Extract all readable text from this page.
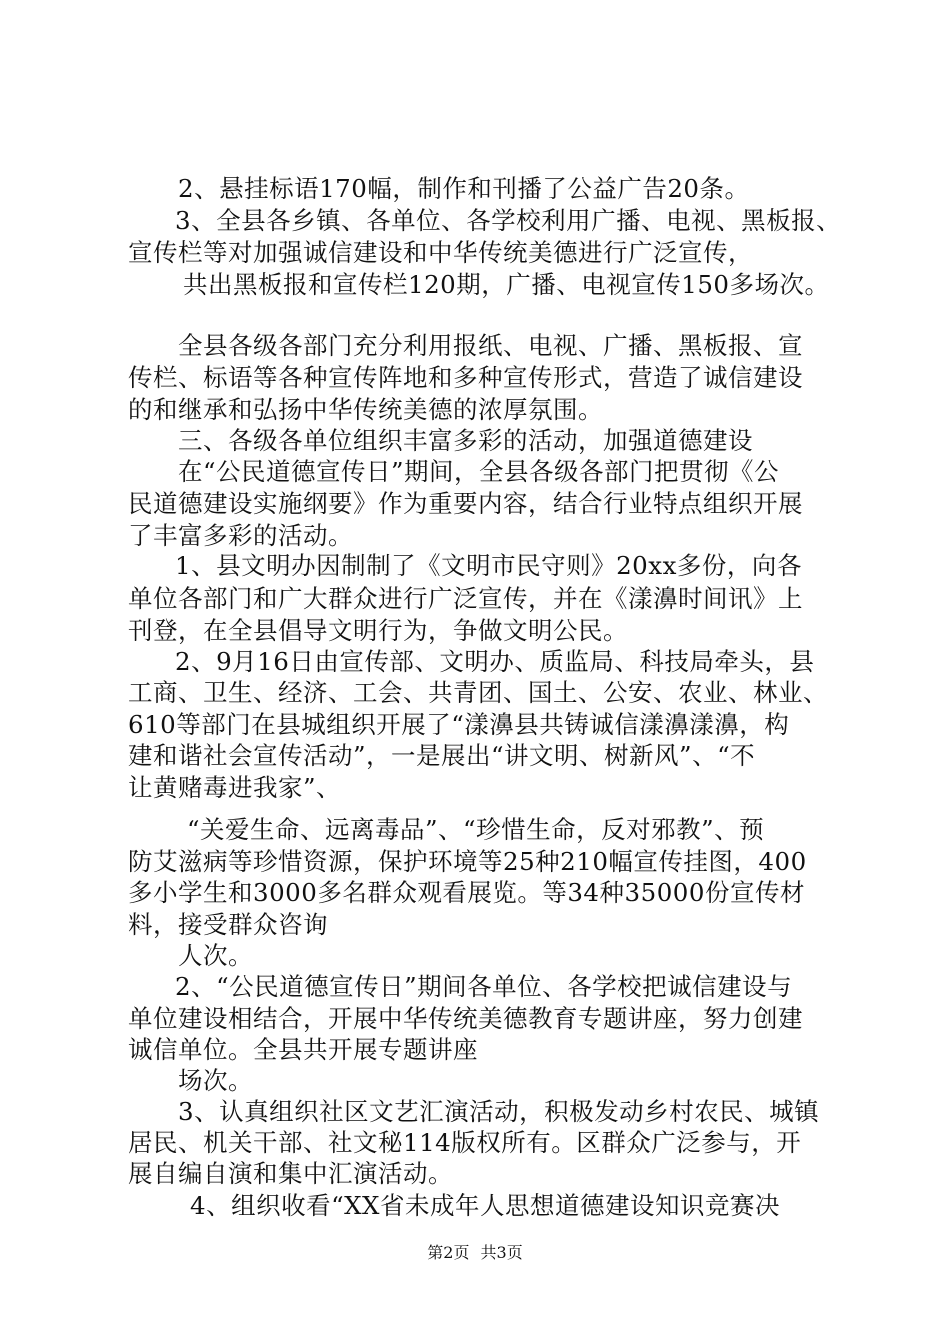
2、悬挂标语170幅，制作和刊播了公益广告20条。
3、全县各乡镇、各单位、各学校利用广播、电视、黑板报、
宣传栏等对加强诚信建设和中华传统美德进行广泛宣传，
共出黑板报和宣传栏120期，广播、电视宣传150多场次。
全县各级各部门充分利用报纸、电视、广播、黑板报、宣
传栏、标语等各种宣传阵地和多种宣传形式，营造了诚信建设
的和继承和弘扬中华传统美德的浓厚氛围。
三、各级各单位组织丰富多彩的活动，加强道德建设
在“公民道德宣传日”期间，全县各级各部门把贯彻《公
民道德建设实施纲要》作为重要内容，结合行业特点组织开展
了丰富多彩的活动。
1、县文明办因制制了《文明市民守则》20xx多份，向各
单位各部门和广大群众进行广泛宣传，并在《漾濞时间讯》上
刊登，在全县倡导文明行为，争做文明公民。
2、9月16日由宣传部、文明办、质监局、科技局牵头，县
工商、卫生、经济、工会、共青团、国土、公安、农业、林业、
610等部门在县城组织开展了“漾濞县共铸诚信漾濞漾濞，构
建和谐社会宣传活动”，一是展出“讲文明、树新风”、“不
让黄赌毒进我家”、
“关爱生命、远离毒品”、“珍惜生命，反对邪教”、预
防艾滋病等珍惜资源，保护环境等25种210幅宣传挂图，400
多小学生和3000多名群众观看展览。等34种35000份宣传材
料，接受群众咨询
人次。
2、“公民道德宣传日”期间各单位、各学校把诚信建设与
单位建设相结合，开展中华传统美德教育专题讲座，努力创建
诚信单位。全县共开展专题讲座
场次。
3、认真组织社区文艺汇演活动，积极发动乡村农民、城镇
居民、机关干部、社文秘114版权所有。区群众广泛参与，开
展自编自演和集中汇演活动。
4、组织收看“XX省未成年人思想道德建设知识竞赛决
第2页 共3页
